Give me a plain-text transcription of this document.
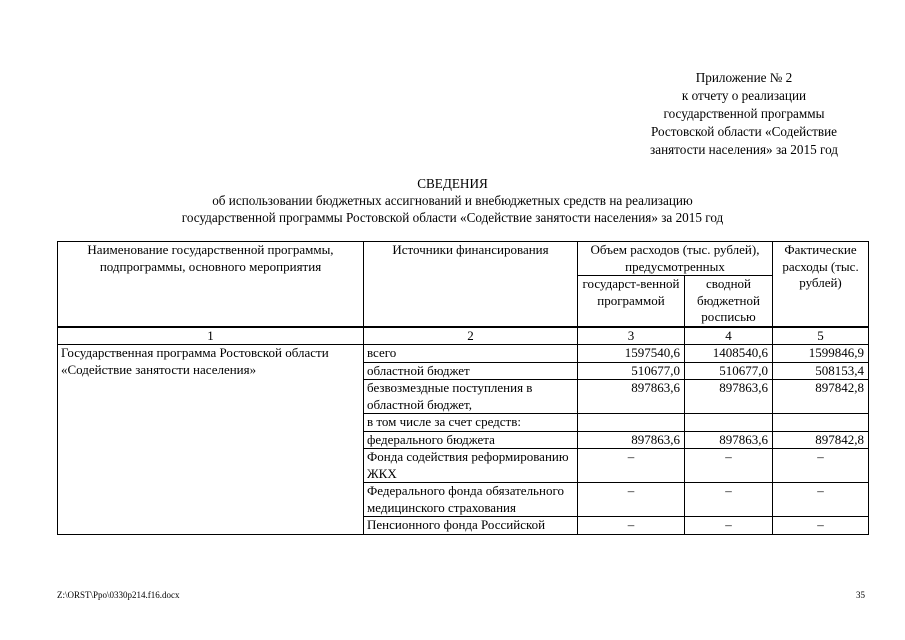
Приложение № 2
к отчету о реализации
государственной программы
Ростовской области «Содействие
занятости населения» за 2015 год
СВЕДЕНИЯ
об использовании бюджетных ассигнований и внебюджетных средств на реализацию
государственной программы Ростовской области «Содействие занятости населения» за 2015 год
Наименование государственной программы, подпрограммы, основного мероприятия	Источники финансирования	Объем расходов (тыс. рублей), предусмотренных		Фактические расходы (тыс. рублей)
		государст-венной программой	сводной бюджетной росписью	
1	2	3	4	5
Государственная программа Ростовской области «Содействие занятости населения»	всего	1597540,6	1408540,6	1599846,9
	областной бюджет	510677,0	510677,0	508153,4
	безвозмездные поступления в областной бюджет,	897863,6	897863,6	897842,8
	в том числе за счет средств:			
	федерального бюджета	897863,6	897863,6	897842,8
	Фонда содействия реформированию ЖКХ	–	–	–
	Федерального фонда обязательного медицинского страхования	–	–	–
	Пенсионного фонда Российской	–	–	–
Z:\ORST\Ppo\0330p214.f16.docx	35
